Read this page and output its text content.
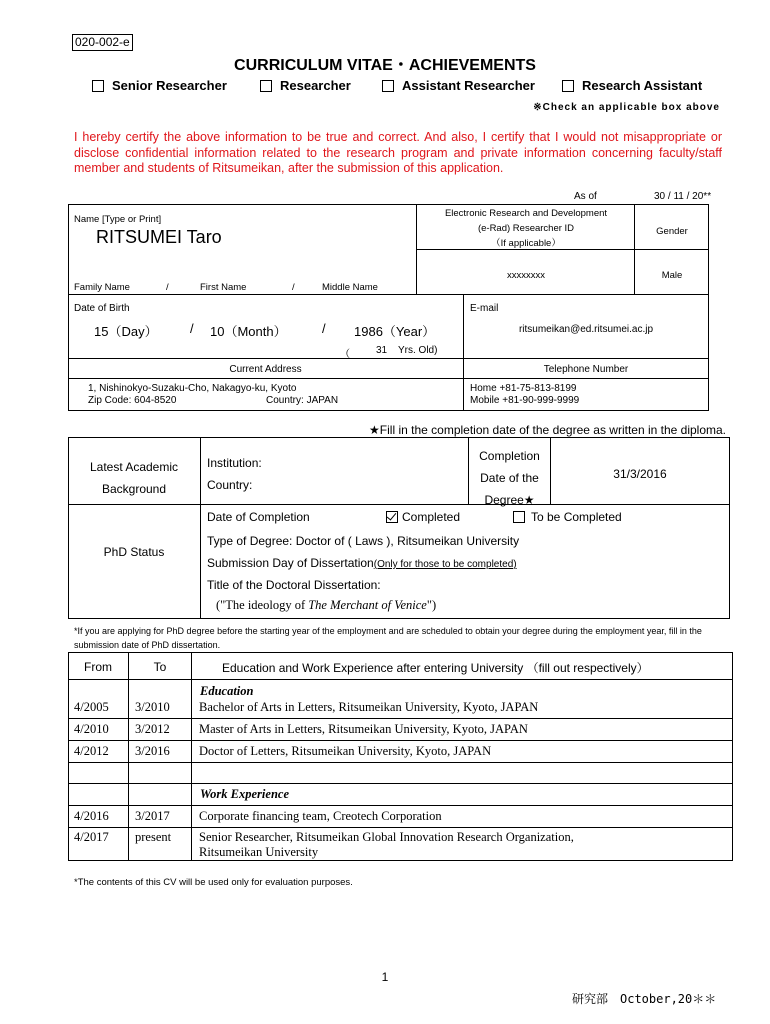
020-002-e
CURRICULUM VITAE・ACHIEVEMENTS
Senior Researcher	Researcher	Assistant Researcher	Research Assistant
※Check an applicable box above
I hereby certify the above information to be true and correct. And also, I certify that I would not misappropriate or disclose confidential information related to the research program and private information concerning faculty/staff member and students of Ritsumeikan, after the submission of this application.
As of	30 / 11 / 20**
Name [Type or Print]
RITSUMEI Taro
Family Name	/	First Name	/	Middle Name
Electronic Research and Development
(e-Rad) Researcher ID
（If applicable）
xxxxxxxx
Gender
Male
Date of Birth
15（Day） / 10（Month）	/ 1986（Year）
（	31 Yrs. Old)
E-mail
ritsumeikan@ed.ritsumei.ac.jp
Current Address	Telephone Number
1, Nishinokyo-Suzaku-Cho, Nakagyo-ku, Kyoto
Zip Code: 604-8520	Country: JAPAN
Home +81-75-813-8199
Mobile +81-90-999-9999
★Fill in the completion date of the degree as written in the diploma.
Latest Academic
Background
Institution:
Country:
Completion
Date of the
Degree★
31/3/2016
PhD Status
Date of Completion	Completed	To be Completed
Type of Degree: Doctor of ( Laws ), Ritsumeikan University
Submission Day of Dissertation(Only for those to be completed)
Title of the Doctoral Dissertation:
("The ideology of The Merchant of Venice")
*If you are applying for PhD degree before the starting year of the employment and are scheduled to obtain your degree during the employment year, fill in the submission date of PhD dissertation.
From	To	Education and Work Experience after entering University （fill out respectively）
Education
4/2005 3/2010 Bachelor of Arts in Letters, Ritsumeikan University, Kyoto, JAPAN
4/2010 3/2012 Master of Arts in Letters, Ritsumeikan University, Kyoto, JAPAN
4/2012 3/2016 Doctor of Letters, Ritsumeikan University, Kyoto, JAPAN
Work Experience
4/2016 3/2017 Corporate financing team, Creotech Corporation
4/2017 present Senior Researcher, Ritsumeikan Global Innovation Research Organization,
Ritsumeikan University
*The contents of this CV will be used only for evaluation purposes.
1
研究部　October,20＊＊
